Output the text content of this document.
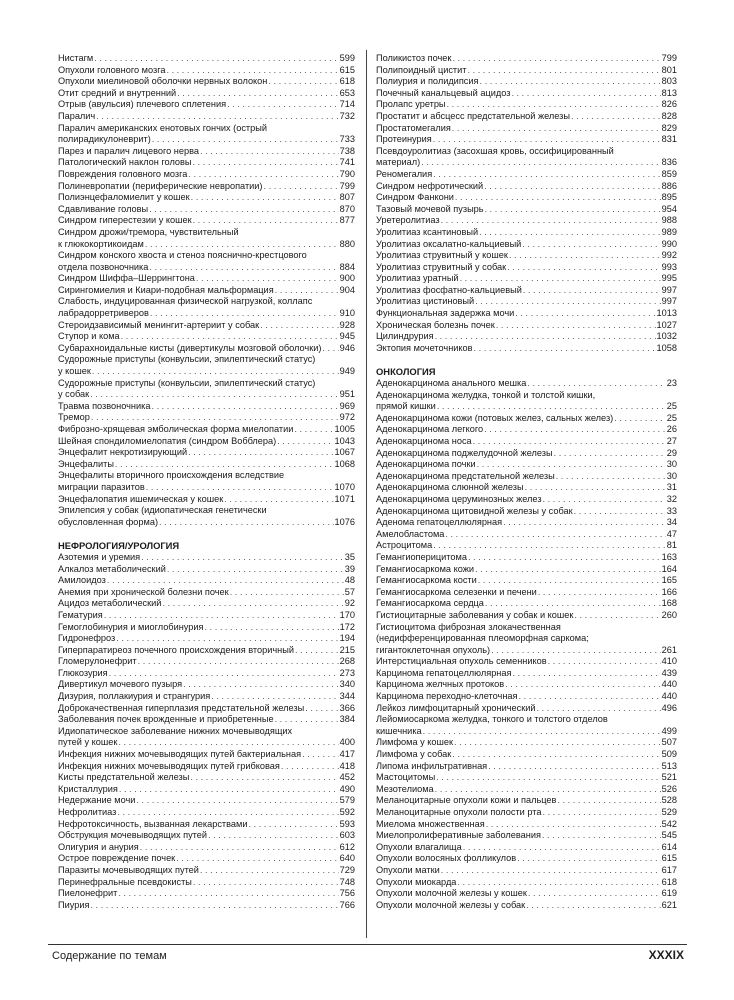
Нистагм . . .	599
Опухоли головного мозга . . .	615
Опухоли миелиновой оболочки нервных волокон . . .	618
Отит средний и внутренний . . .	653
Отрыв (авульсия) плечевого сплетения . . .	714
Паралич . . .	732
Паралич американских енотовых гончих (острый
полирадикулоневрит) . . .	733
Парез и паралич лицевого нерва . . .	738
Патологический наклон головы . . .	741
Повреждения головного мозга . . .	790
Полиневропатии (периферические невропатии) . . .	799
Полиэнцефаломиелит у кошек . . .	807
Сдавливание головы . . .	870
Синдром гиперестезии у кошек . . .	877
Синдром дрожи/тремора, чувствительный
к глюкокортикоидам . . .	880
Синдром конского хвоста и стеноз пояснично-крестцового
отдела позвоночника . . .	884
Синдром Шиффа–Шеррингтона . . .	900
Сирингомиелия и Киари-подобная мальформация . . .	904
Слабость, индуцированная физической нагрузкой, коллапс
лабрадорретриверов . . .	910
Стероидзависимый менингит-артериит у собак . . .	928
Ступор и кома . . .	945
Субарахноидальные кисты (дивертикулы мозговой оболочки) . . . 946
Судорожные приступы (конвульсии, эпилептический статус)
у кошек . . .	949
Судорожные приступы (конвульсии, эпилептический статус)
у собак . . .	951
Травма позвоночника . . .	969
Тремор . . .	972
Фиброзно-хрящевая эмболическая форма миелопатии . . .	1005
Шейная спондиломиелопатия (синдром Вобблера) . . .	1043
Энцефалит некротизирующий . . .	1067
Энцефалиты . . .	1068
Энцефалиты вторичного происхождения вследствие
миграции паразитов . . .	1070
Энцефалопатия ишемическая у кошек . . .	1071
Эпилепсия у собак (идиопатическая генетически
обусловленная форма) . . .	1076
НЕФРОЛОГИЯ/УРОЛОГИЯ
Азотемия и уремия . . .	35
Алкалоз метаболический . . .	39
Амилоидоз . . .	48
Анемия при хронической болезни почек . . .	57
Ацидоз метаболический . . .	92
Гематурия . . .	170
Гемоглобинурия и миоглобинурия . . .	172
Гидронефроз . . .	194
Гиперпаратиреоз почечного происхождения вторичный . . .	215
Гломерулонефрит . . .	268
Глюкозурия . . .	273
Дивертикул мочевого пузыря . . .	340
Дизурия, поллакиурия и странгурия . . .	344
Доброкачественная гиперплазия предстательной железы . . .	366
Заболевания почек врожденные и приобретенные . . .	384
Идиопатическое заболевание нижних мочевыводящих
путей у кошек . . .	400
Инфекция нижних мочевыводящих путей бактериальная . . .	417
Инфекция нижних мочевыводящих путей грибковая . . .	418
Кисты предстательной железы . . .	452
Кристаллурия . . .	490
Недержание мочи . . .	579
Нефролитиаз . . .	592
Нефротоксичность, вызванная лекарствами . . .	593
Обструкция мочевыводящих путей . . .	603
Олигурия и анурия . . .	612
Острое повреждение почек . . .	640
Паразиты мочевыводящих путей . . .	729
Перинефральные псевдокисты . . .	748
Пиелонефрит . . .	756
Пиурия . . .	766
Поликистоз почек . . .	799
Полипоидный цистит . . .	801
Полиурия и полидипсия . . .	803
Почечный канальцевый ацидоз . . .	813
Пролапс уретры . . .	826
Простатит и абсцесс предстательной железы . . .	828
Простатомегалия . . .	829
Протеинурия . . .	831
Псевдоуролитиаз (засохшая кровь, оссифицированный
материал) . . .	836
Реномегалия . . .	859
Синдром нефротический . . .	886
Синдром Фанкони . . .	895
Тазовый мочевой пузырь . . .	954
Уретеролитиаз . . .	988
Уролитиаз ксантиновый . . .	989
Уролитиаз оксалатно-кальциевый . . .	990
Уролитиаз струвитный у кошек . . .	992
Уролитиаз струвитный у собак . . .	993
Уролитиаз уратный . . .	995
Уролитиаз фосфатно-кальциевый . . .	997
Уролитиаз цистиновый . . .	997
Функциональная задержка мочи . . .	1013
Хроническая болезнь почек . . .	1027
Цилиндрурия . . .	1032
Эктопия мочеточников . . .	1058
ОНКОЛОГИЯ
Аденокарцинома анального мешка . . .	23
Аденокарцинома желудка, тонкой и толстой кишки,
прямой кишки . . .	25
Аденокарцинома кожи (потовых желез, сальных желез) . . .	25
Аденокарцинома легкого . . .	26
Аденокарцинома носа . . .	27
Аденокарцинома поджелудочной железы . . .	29
Аденокарцинома почки . . .	30
Аденокарцинома предстательной железы . . .	30
Аденокарцинома слюнной железы . . .	31
Аденокарцинома церуминозных желез . . .	32
Аденокарцинома щитовидной железы у собак . . .	33
Аденома гепатоцеллюлярная . . .	34
Амелобластома . . .	47
Астроцитома . . .	81
Гемангиоперицитома . . .	163
Гемангиосаркома кожи . . .	164
Гемангиосаркома кости . . .	165
Гемангиосаркома селезенки и печени . . .	166
Гемангиосаркома сердца . . .	168
Гистиоцитарные заболевания у собак и кошек . . .	260
Гистиоцитома фиброзная злокачественная
(недифференцированная плеоморфная саркома;
гигантоклеточная опухоль) . . .	261
Интерстициальная опухоль семенников . . .	410
Карцинома гепатоцеллюлярная . . .	439
Карцинома желчных протоков . . .	440
Карцинома переходно-клеточная . . .	440
Лейкоз лимфоцитарный хронический . . .	496
Лейомиосаркома желудка, тонкого и толстого отделов
кишечника . . .	499
Лимфома у кошек . . .	507
Лимфома у собак . . .	509
Липома инфильтративная . . .	513
Мастоцитомы . . .	521
Мезотелиома . . .	526
Меланоцитарные опухоли кожи и пальцев . . .	528
Меланоцитарные опухоли полости рта . . .	529
Миелома множественная . . .	542
Миелопролиферативные заболевания . . .	545
Опухоли влагалища . . .	614
Опухоли волосяных фолликулов . . .	615
Опухоли матки . . .	617
Опухоли миокарда . . .	618
Опухоли молочной железы у кошек . . .	619
Опухоли молочной железы у собак . . .	621
Содержание по темам	XXXIX
